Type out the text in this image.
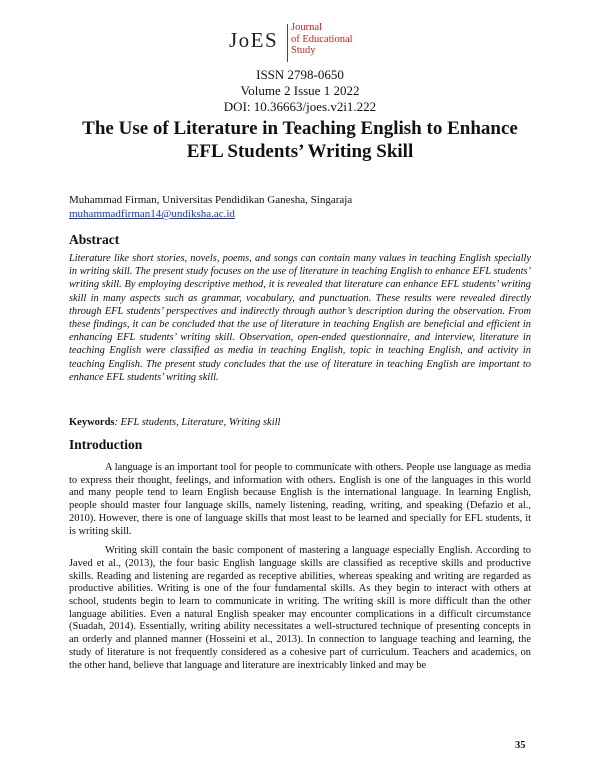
JoES
Journal
of Educational
Study
ISSN 2798-0650
Volume 2 Issue 1 2022
DOI: 10.36663/joes.v2i1.222
The Use of Literature in Teaching English to Enhance
EFL Students’ Writing Skill
Muhammad Firman, Universitas Pendidikan Ganesha, Singaraja
muhammadfirman14@undiksha.ac.id
Abstract

Literature like short stories, novels, poems, and songs can contain many values in teaching English specially in writing skill. The present study focuses on the use of literature in teaching English to enhance EFL students’ writing skill. By employing descriptive method, it is revealed that literature can enhance EFL students’ writing skill in many aspects such as grammar, vocabulary, and punctuation. These results were revealed directly through EFL students’ perspectives and indirectly through author’s description during the observation. From these findings, it can be concluded that the use of literature in teaching English are beneficial and efficient in enhancing EFL students’ writing skill. Observation, open-ended questionnaire, and interview, literature in teaching English were classified as media in teaching English, topic in teaching English, and activity in teaching English. The present study concludes that the use of literature in teaching English are important to enhance EFL students’ writing skill.

Keywords: EFL students, Literature, Writing skill
Introduction

A language is an important tool for people to communicate with others. People use language as media to express their thought, feelings, and information with others. English is one of the languages in this world and many people tend to learn English because English is the international language. In learning English, people should master four language skills, namely listening, reading, writing, and speaking (Defazio et al., 2010). However, there is one of language skills that most least to be learned and specially for EFL students, it is writing skill.

Writing skill contain the basic component of mastering a language especially English. According to Javed et al., (2013), the four basic English language skills are classified as receptive skills and productive skills. Reading and listening are regarded as receptive abilities, whereas speaking and writing are regarded as productive abilities. Writing is one of the four fundamental skills. As they begin to interact with others at school, students begin to learn to communicate in writing. The writing skill is more difficult than the other language abilities. Even a natural English speaker may encounter complications in a difficult circumstance (Suadah, 2014). Essentially, writing ability necessitates a well-structured technique of presenting concepts in an orderly and planned manner (Hosseini et al., 2013). In connection to language teaching and learning, the study of literature is not frequently considered as a cohesive part of curriculum. Teachers and academics, on the other hand, believe that language and literature are inextricably linked and may be

35
